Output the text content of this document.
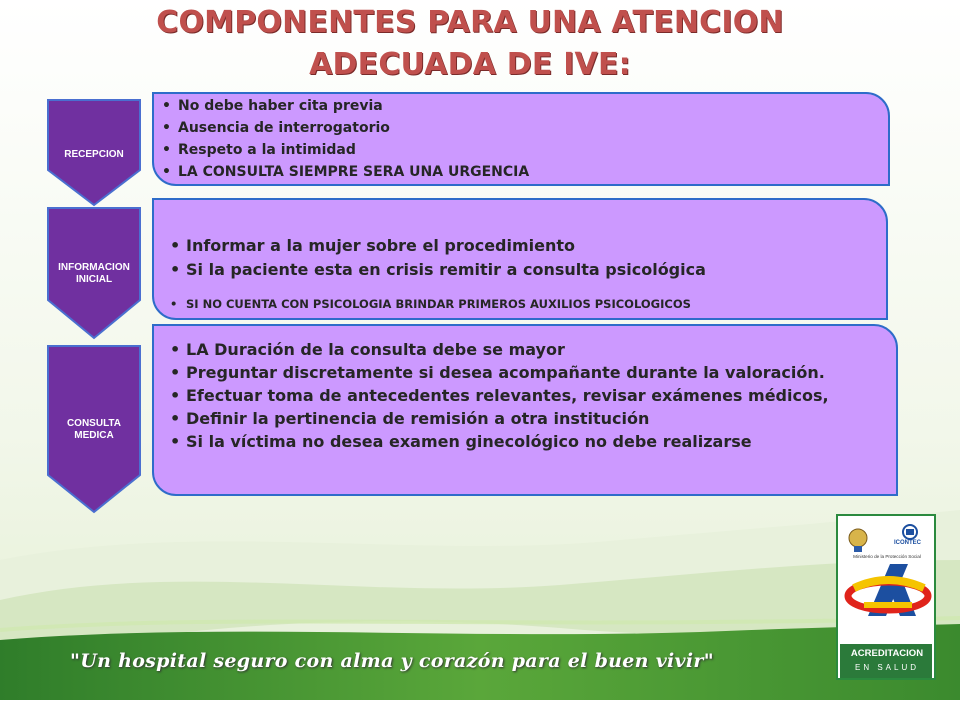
COMPONENTES PARA UNA ATENCION
ADECUADA DE IVE:
RECEPCION
INFORMACION
INICIAL
CONSULTA
MEDICA
• No debe haber cita previa
• Ausencia de interrogatorio
• Respeto a la intimidad
• LA CONSULTA SIEMPRE SERA UNA URGENCIA
• Informar a la mujer sobre el procedimiento
• Si la paciente esta en crisis remitir a consulta psicológica
• SI NO CUENTA CON PSICOLOGIA BRINDAR PRIMEROS AUXILIOS PSICOLOGICOS
• LA Duración de la consulta debe se mayor
• Preguntar discretamente si desea acompañante durante la valoración.
• Efectuar toma de antecedentes relevantes, revisar exámenes médicos,
• Definir la pertinencia de remisión a otra institución
• Si la víctima no desea examen ginecológico no debe realizarse
"Un hospital seguro con alma y corazón para el buen vivir"
ICONTEC
Ministerio de la Protección Social
ACREDITACION
EN SALUD
